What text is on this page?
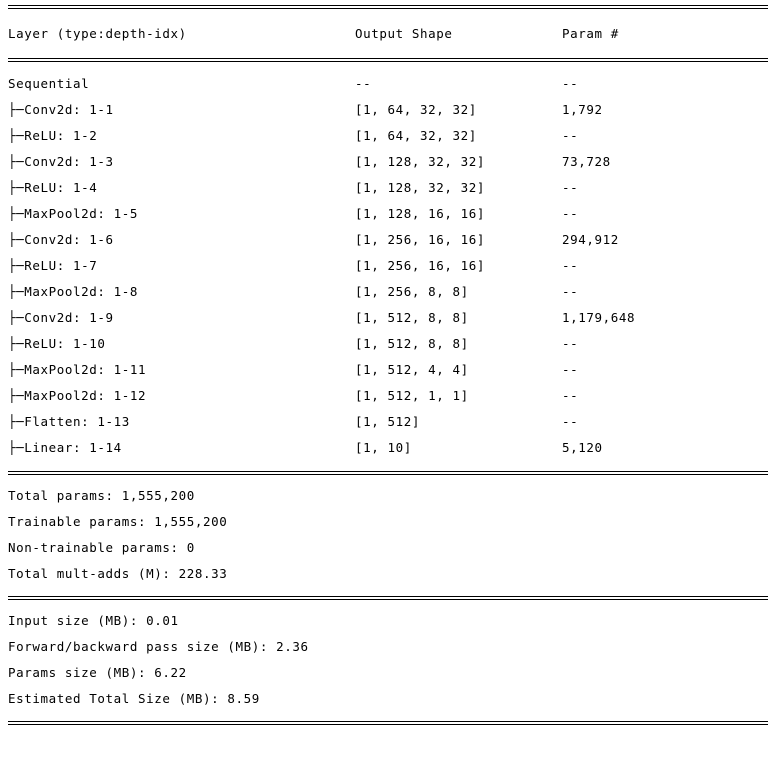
Layer (type:depth-idx)	Output Shape	Param #
Sequential	--	--
├─Conv2d: 1-1	[1, 64, 32, 32]	1,792
├─ReLU: 1-2	[1, 64, 32, 32]	--
├─Conv2d: 1-3	[1, 128, 32, 32]	73,728
├─ReLU: 1-4	[1, 128, 32, 32]	--
├─MaxPool2d: 1-5	[1, 128, 16, 16]	--
├─Conv2d: 1-6	[1, 256, 16, 16]	294,912
├─ReLU: 1-7	[1, 256, 16, 16]	--
├─MaxPool2d: 1-8	[1, 256, 8, 8]	--
├─Conv2d: 1-9	[1, 512, 8, 8]	1,179,648
├─ReLU: 1-10	[1, 512, 8, 8]	--
├─MaxPool2d: 1-11	[1, 512, 4, 4]	--
├─MaxPool2d: 1-12	[1, 512, 1, 1]	--
├─Flatten: 1-13	[1, 512]	--
├─Linear: 1-14	[1, 10]	5,120
Total params: 1,555,200
Trainable params: 1,555,200
Non-trainable params: 0
Total mult-adds (M): 228.33
Input size (MB): 0.01
Forward/backward pass size (MB): 2.36
Params size (MB): 6.22
Estimated Total Size (MB): 8.59
